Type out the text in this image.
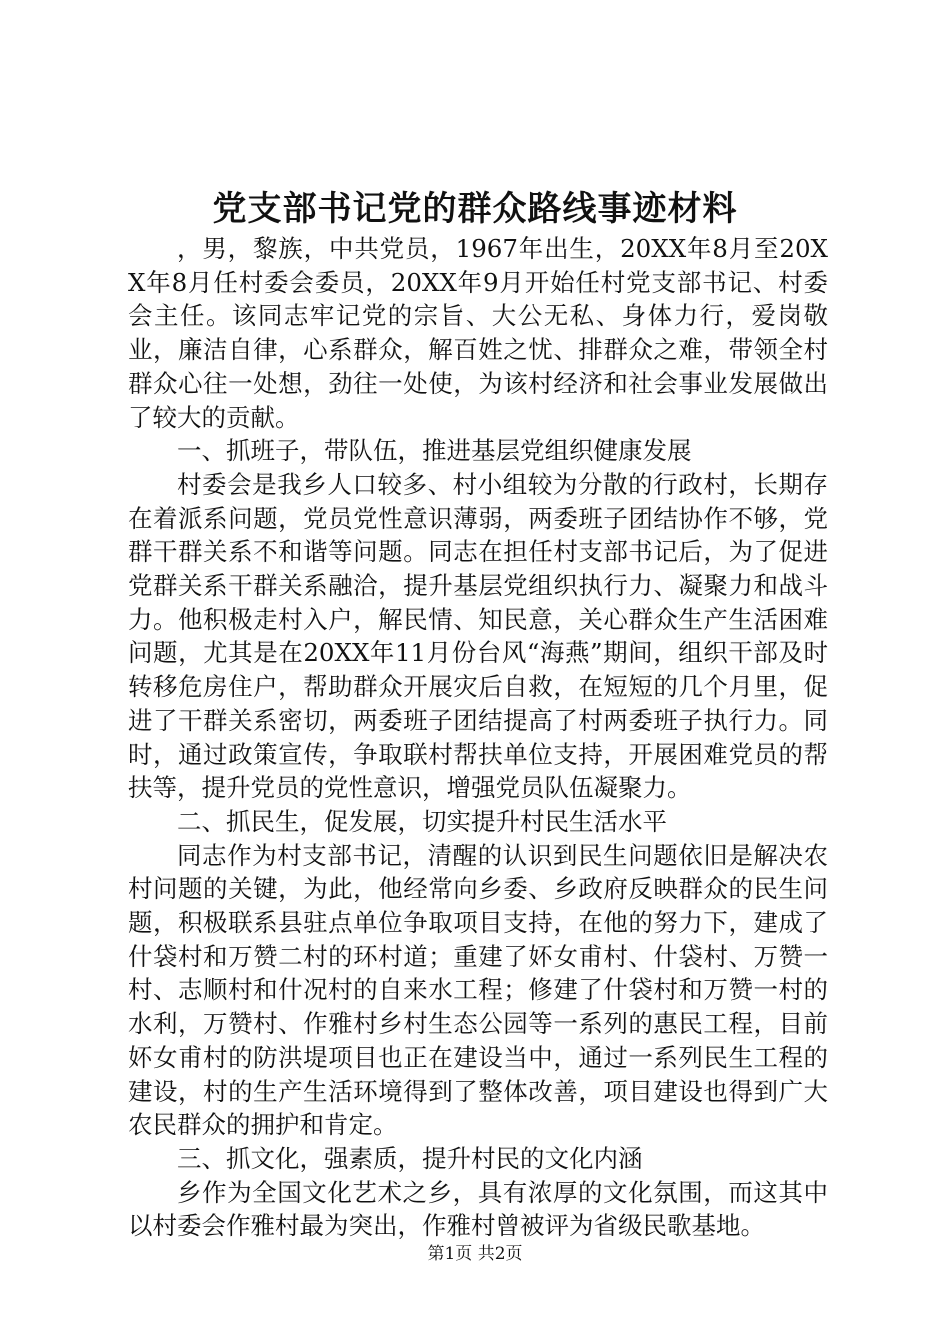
党支部书记党的群众路线事迹材料

，男，黎族，中共党员，1967年出生，20XX年8月至20XX年8月任村委会委员，20XX年9月开始任村党支部书记、村委会主任。该同志牢记党的宗旨、大公无私、身体力行，爱岗敬业，廉洁自律，心系群众，解百姓之忧、排群众之难，带领全村群众心往一处想，劲往一处使，为该村经济和社会事业发展做出了较大的贡献。

一、抓班子，带队伍，推进基层党组织健康发展

村委会是我乡人口较多、村小组较为分散的行政村，长期存在着派系问题，党员党性意识薄弱，两委班子团结协作不够，党群干群关系不和谐等问题。同志在担任村支部书记后，为了促进党群关系干群关系融洽，提升基层党组织执行力、凝聚力和战斗力。他积极走村入户，解民情、知民意，关心群众生产生活困难问题，尤其是在20XX年11月份台风“海燕”期间，组织干部及时转移危房住户，帮助群众开展灾后自救，在短短的几个月里，促进了干群关系密切，两委班子团结提高了村两委班子执行力。同时，通过政策宣传，争取联村帮扶单位支持，开展困难党员的帮扶等，提升党员的党性意识，增强党员队伍凝聚力。

二、抓民生，促发展，切实提升村民生活水平

同志作为村支部书记，清醒的认识到民生问题依旧是解决农村问题的关键，为此，他经常向乡委、乡政府反映群众的民生问题，积极联系县驻点单位争取项目支持，在他的努力下，建成了什袋村和万赞二村的环村道；重建了妚女甫村、什袋村、万赞一村、志顺村和什况村的自来水工程；修建了什袋村和万赞一村的水利，万赞村、作雅村乡村生态公园等一系列的惠民工程，目前妚女甫村的防洪堤项目也正在建设当中，通过一系列民生工程的建设，村的生产生活环境得到了整体改善，项目建设也得到广大农民群众的拥护和肯定。

三、抓文化，强素质，提升村民的文化内涵

乡作为全国文化艺术之乡，具有浓厚的文化氛围，而这其中以村委会作雅村最为突出，作雅村曾被评为省级民歌基地。

第1页 共2页
